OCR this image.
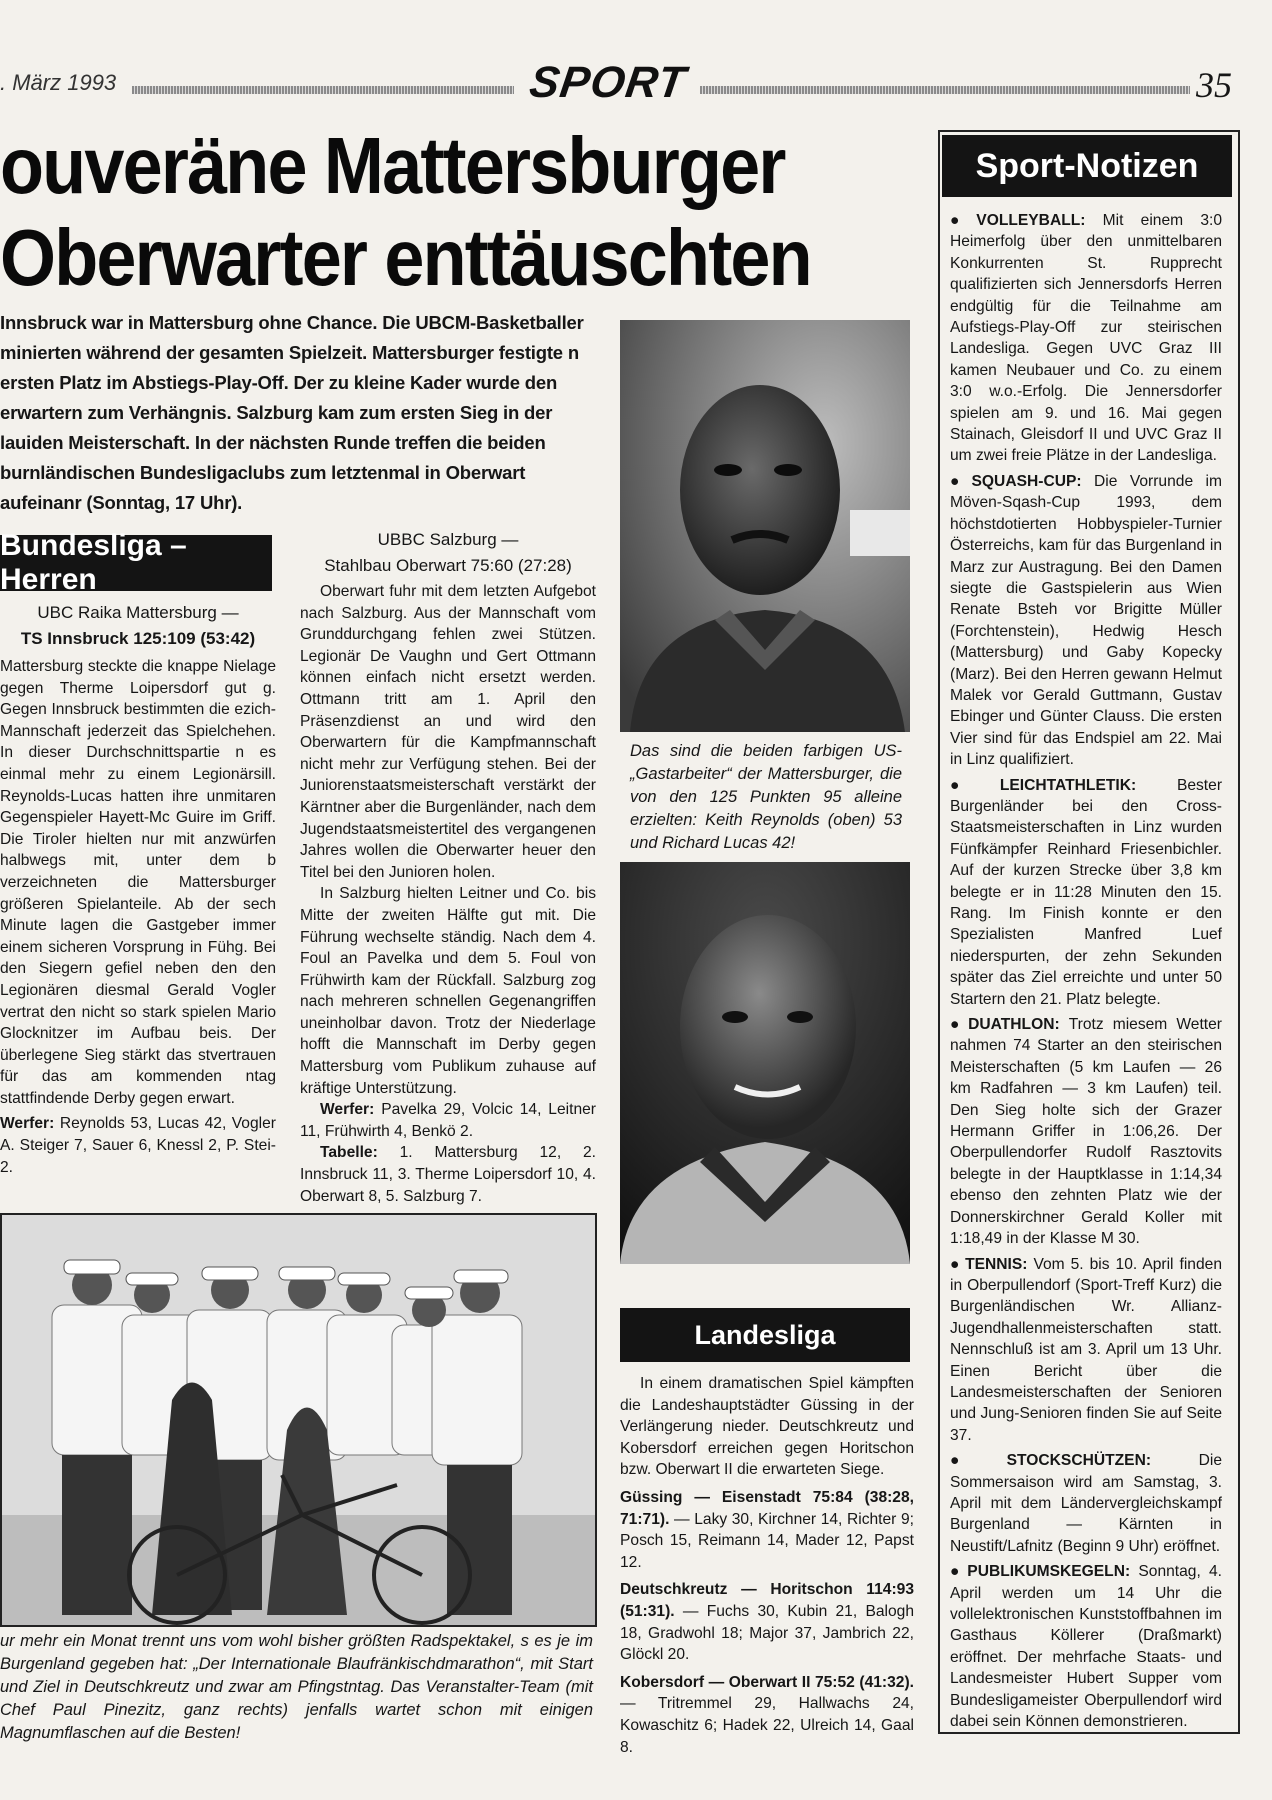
. März 1993	SPORT	35
ouveräne Mattersburger
Oberwarter enttäuschten
Innsbruck war in Mattersburg ohne Chance. Die UBCM-Basketballer minierten während der gesamten Spielzeit. Mattersburger festigte n ersten Platz im Abstiegs-Play-Off. Der zu kleine Kader wurde den erwartern zum Verhängnis. Salzburg kam zum ersten Sieg in der lauiden Meisterschaft. In der nächsten Runde treffen die beiden burnländischen Bundesligaclubs zum letztenmal in Oberwart aufeinanr (Sonntag, 17 Uhr).
Bundesliga – Herren
UBC Raika Mattersburg —
TS Innsbruck 125:109 (53:42)

Mattersburg steckte die knappe Nielage gegen Therme Loipersdorf gut g. Gegen Innsbruck bestimmten die ezich-Mannschaft jederzeit das Spielchehen. In dieser Durchschnittspartie n es einmal mehr zu einem Legionärsill. Reynolds-Lucas hatten ihre unmitaren Gegenspieler Hayett-Mc Guire im Griff. Die Tiroler hielten nur mit anzwürfen halbwegs mit, unter dem b verzeichneten die Mattersburger größeren Spielanteile. Ab der sech Minute lagen die Gastgeber immer einem sicheren Vorsprung in Fühg. Bei den Siegern gefiel neben den den Legionären diesmal Gerald Vogler vertrat den nicht so stark spielen Mario Glocknitzer im Aufbau beis. Der überlegene Sieg stärkt das stvertrauen für das am kommenden ntag stattfindende Derby gegen erwart.

Werfer: Reynolds 53, Lucas 42, Vogler A. Steiger 7, Sauer 6, Knessl 2, P. Stei- 2.

UBBC Salzburg —
Stahlbau Oberwart 75:60 (27:28)

Oberwart fuhr mit dem letzten Aufgebot nach Salzburg. Aus der Mannschaft vom Grunddurchgang fehlen zwei Stützen. Legionär De Vaughn und Gert Ottmann können einfach nicht ersetzt werden. Ottmann tritt am 1. April den Präsenzdienst an und wird den Oberwartern für die Kampfmannschaft nicht mehr zur Verfügung stehen. Bei der Juniorenstaatsmeisterschaft verstärkt der Kärntner aber die Burgenländer, nach dem Jugendstaatsmeistertitel des vergangenen Jahres wollen die Oberwarter heuer den Titel bei den Junioren holen.

In Salzburg hielten Leitner und Co. bis Mitte der zweiten Hälfte gut mit. Die Führung wechselte ständig. Nach dem 4. Foul an Pavelka und dem 5. Foul von Frühwirth kam der Rückfall. Salzburg zog nach mehreren schnellen Gegenangriffen uneinholbar davon. Trotz der Niederlage hofft die Mannschaft im Derby gegen Mattersburg vom Publikum zuhause auf kräftige Unterstützung.

Werfer: Pavelka 29, Volcic 14, Leitner 11, Frühwirth 4, Benkö 2.

Tabelle: 1. Mattersburg 12, 2. Innsbruck 11, 3. Therme Loipersdorf 10, 4. Oberwart 8, 5. Salzburg 7.

Das sind die beiden farbigen US-„Gastarbeiter“ der Mattersburger, die von den 125 Punkten 95 alleine erzielten: Keith Reynolds (oben) 53 und Richard Lucas 42!
ur mehr ein Monat trennt uns vom wohl bisher größten Radspektakel, s es je im Burgenland gegeben hat: „Der Internationale Blaufränkischdmarathon“, mit Start und Ziel in Deutschkreutz und zwar am Pfingstntag. Das Veranstalter-Team (mit Chef Paul Pinezitz, ganz rechts) jenfalls wartet schon mit einigen Magnumflaschen auf die Besten!
Landesliga

In einem dramatischen Spiel kämpften die Landeshauptstädter Güssing in der Verlängerung nieder. Deutschkreutz und Kobersdorf erreichen gegen Horitschon bzw. Oberwart II die erwarteten Siege.

Güssing — Eisenstadt 75:84 (38:28, 71:71). — Laky 30, Kirchner 14, Richter 9; Posch 15, Reimann 14, Mader 12, Papst 12.

Deutschkreutz — Horitschon 114:93 (51:31). — Fuchs 30, Kubin 21, Balogh 18, Gradwohl 18; Major 37, Jambrich 22, Glöckl 20.

Kobersdorf — Oberwart II 75:52 (41:32). — Tritremmel 29, Hallwachs 24, Kowaschitz 6; Hadek 22, Ulreich 14, Gaal 8.

Sport-Notizen

● VOLLEYBALL: Mit einem 3:0 Heimerfolg über den unmittelbaren Konkurrenten St. Rupprecht qualifizierten sich Jennersdorfs Herren endgültig für die Teilnahme am Aufstiegs-Play-Off zur steirischen Landesliga. Gegen UVC Graz III kamen Neubauer und Co. zu einem 3:0 w.o.-Erfolg. Die Jennersdorfer spielen am 9. und 16. Mai gegen Stainach, Gleisdorf II und UVC Graz II um zwei freie Plätze in der Landesliga.

● SQUASH-CUP: Die Vorrunde im Möven-Sqash-Cup 1993, dem höchstdotierten Hobbyspieler-Turnier Österreichs, kam für das Burgenland in Marz zur Austragung. Bei den Damen siegte die Gastspielerin aus Wien Renate Bsteh vor Brigitte Müller (Forchtenstein), Hedwig Hesch (Mattersburg) und Gaby Kopecky (Marz). Bei den Herren gewann Helmut Malek vor Gerald Guttmann, Gustav Ebinger und Günter Clauss. Die ersten Vier sind für das Endspiel am 22. Mai in Linz qualifiziert.

● LEICHTATHLETIK: Bester Burgenländer bei den Cross-Staatsmeisterschaften in Linz wurden Fünfkämpfer Reinhard Friesenbichler. Auf der kurzen Strecke über 3,8 km belegte er in 11:28 Minuten den 15. Rang. Im Finish konnte er den Spezialisten Manfred Luef niederspurten, der zehn Sekunden später das Ziel erreichte und unter 50 Startern den 21. Platz belegte.

● DUATHLON: Trotz miesem Wetter nahmen 74 Starter an den steirischen Meisterschaften (5 km Laufen — 26 km Radfahren — 3 km Laufen) teil. Den Sieg holte sich der Grazer Hermann Griffer in 1:06,26. Der Oberpullendorfer Rudolf Rasztovits belegte in der Hauptklasse in 1:14,34 ebenso den zehnten Platz wie der Donnerskirchner Gerald Koller mit 1:18,49 in der Klasse M 30.

● TENNIS: Vom 5. bis 10. April finden in Oberpullendorf (Sport-Treff Kurz) die Burgenländischen Wr. Allianz-Jugendhallenmeisterschaften statt. Nennschluß ist am 3. April um 13 Uhr. Einen Bericht über die Landesmeisterschaften der Senioren und Jung-Senioren finden Sie auf Seite 37.

● STOCKSCHÜTZEN: Die Sommersaison wird am Samstag, 3. April mit dem Ländervergleichskampf Burgenland — Kärnten in Neustift/Lafnitz (Beginn 9 Uhr) eröffnet.

● PUBLIKUMSKEGELN: Sonntag, 4. April werden um 14 Uhr die vollelektronischen Kunststoffbahnen im Gasthaus Köllerer (Draßmarkt) eröffnet. Der mehrfache Staats- und Landesmeister Hubert Supper vom Bundesligameister Oberpullendorf wird dabei sein Können demonstrieren.
